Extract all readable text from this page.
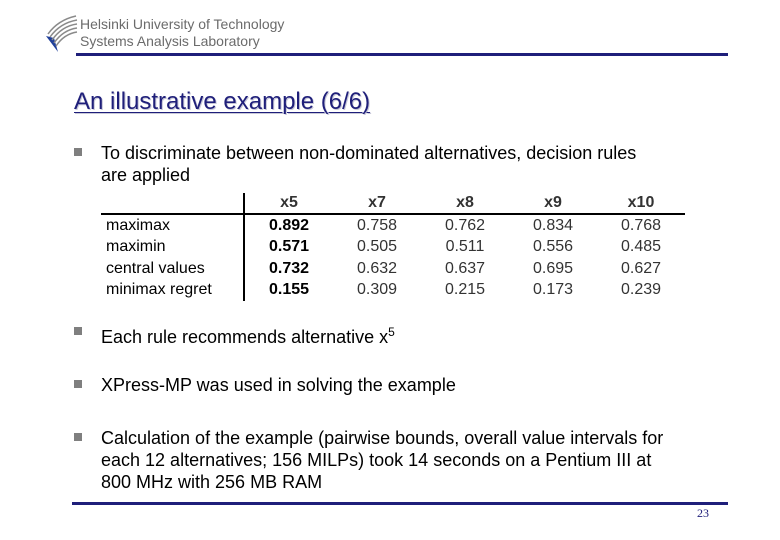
Helsinki University of Technology
Systems Analysis Laboratory
An illustrative example (6/6)
To discriminate between non-dominated alternatives, decision rules
are applied
	x5	x7	x8	x9	x10
maximax	0.892	0.758	0.762	0.834	0.768
maximin	0.571	0.505	0.511	0.556	0.485
central values	0.732	0.632	0.637	0.695	0.627
minimax regret	0.155	0.309	0.215	0.173	0.239
Each rule recommends alternative $x^5$
XPress-MP was used in solving the example
Calculation of the example (pairwise bounds, overall value intervals for
each 12 alternatives; 156 MILPs) took 14 seconds on a Pentium III at
800 MHz with 256 MB RAM
23
